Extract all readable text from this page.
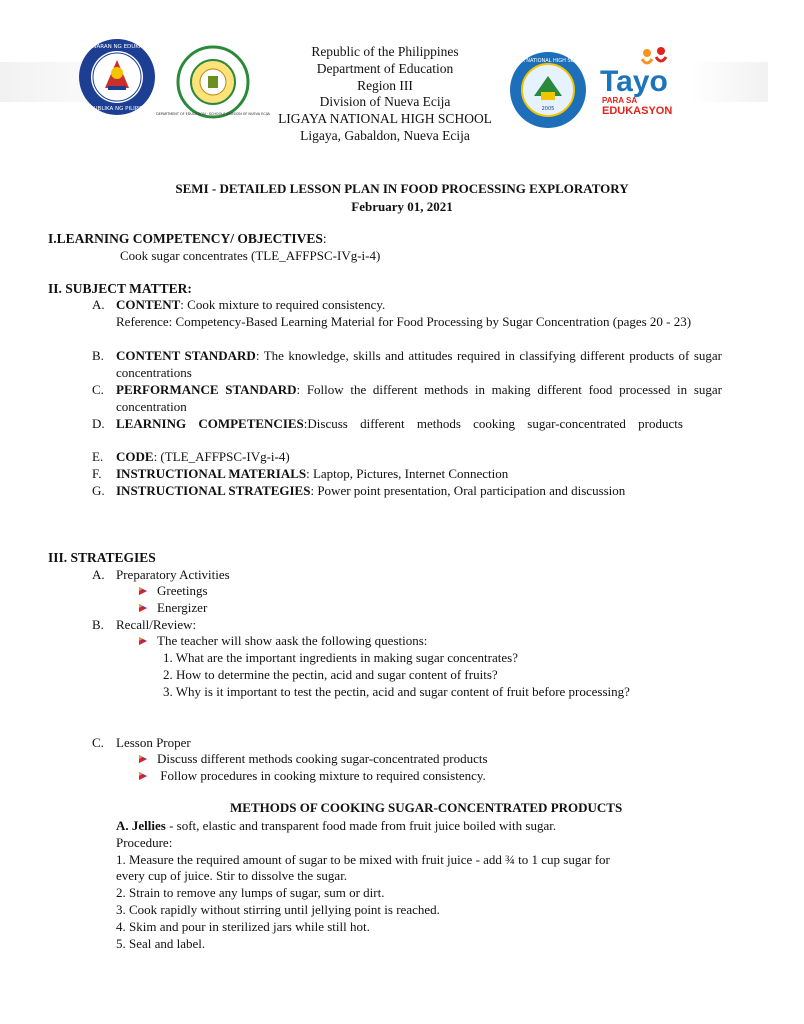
REPUBLIKA NG PILIPINAS
KAGAWARAN NG EDUKASYON
DEPARTMENT OF EDUCATION · SCHOOLS DIVISION OF NUEVA ECIJA
Republic of the Philippines
Department of Education
Region III
Division of Nueva Ecija
LIGAYA NATIONAL HIGH SCHOOL
Ligaya, Gabaldon, Nueva Ecija
LIGAYA NATIONAL HIGH SCHOOL
2005
Tayo
PARA SA
EDUKASYON
SEMI - DETAILED LESSON PLAN IN FOOD PROCESSING EXPLORATORY
February 01, 2021
I.LEARNING COMPETENCY/ OBJECTIVES:
Cook sugar concentrates (TLE_AFFPSC-IVg-i-4)
II. SUBJECT MATTER:
A. CONTENT: Cook mixture to required consistency.
Reference: Competency-Based Learning Material for Food Processing by Sugar Concentration (pages 20 - 23)
B. CONTENT STANDARD: The knowledge, skills and attitudes required in classifying different products of sugar concentrations
C. PERFORMANCE STANDARD: Follow the different methods in making different food processed in sugar concentration
D. LEARNING COMPETENCIES:Discuss different methods cooking sugar-concentrated products
E. CODE: (TLE_AFFPSC-IVg-i-4)
F. INSTRUCTIONAL MATERIALS: Laptop, Pictures, Internet Connection
G. INSTRUCTIONAL STRATEGIES: Power point presentation, Oral participation and discussion
III. STRATEGIES
A. Preparatory Activities
Greetings
Energizer
B. Recall/Review:
The teacher will show aask the following questions:
1. What are the important ingredients in making sugar concentrates?
2. How to determine the pectin, acid and sugar content of fruits?
3. Why is it important to test the pectin, acid and sugar content of fruit before processing?
C. Lesson Proper
Discuss different methods cooking sugar-concentrated products
Follow procedures in cooking mixture to required consistency.
METHODS OF COOKING SUGAR-CONCENTRATED PRODUCTS
A. Jellies - soft, elastic and transparent food made from fruit juice boiled with sugar.
Procedure:
1. Measure the required amount of sugar to be mixed with fruit juice - add ¾ to 1 cup sugar for
every cup of juice. Stir to dissolve the sugar.
2. Strain to remove any lumps of sugar, sum or dirt.
3. Cook rapidly without stirring until jellying point is reached.
4. Skim and pour in sterilized jars while still hot.
5. Seal and label.
